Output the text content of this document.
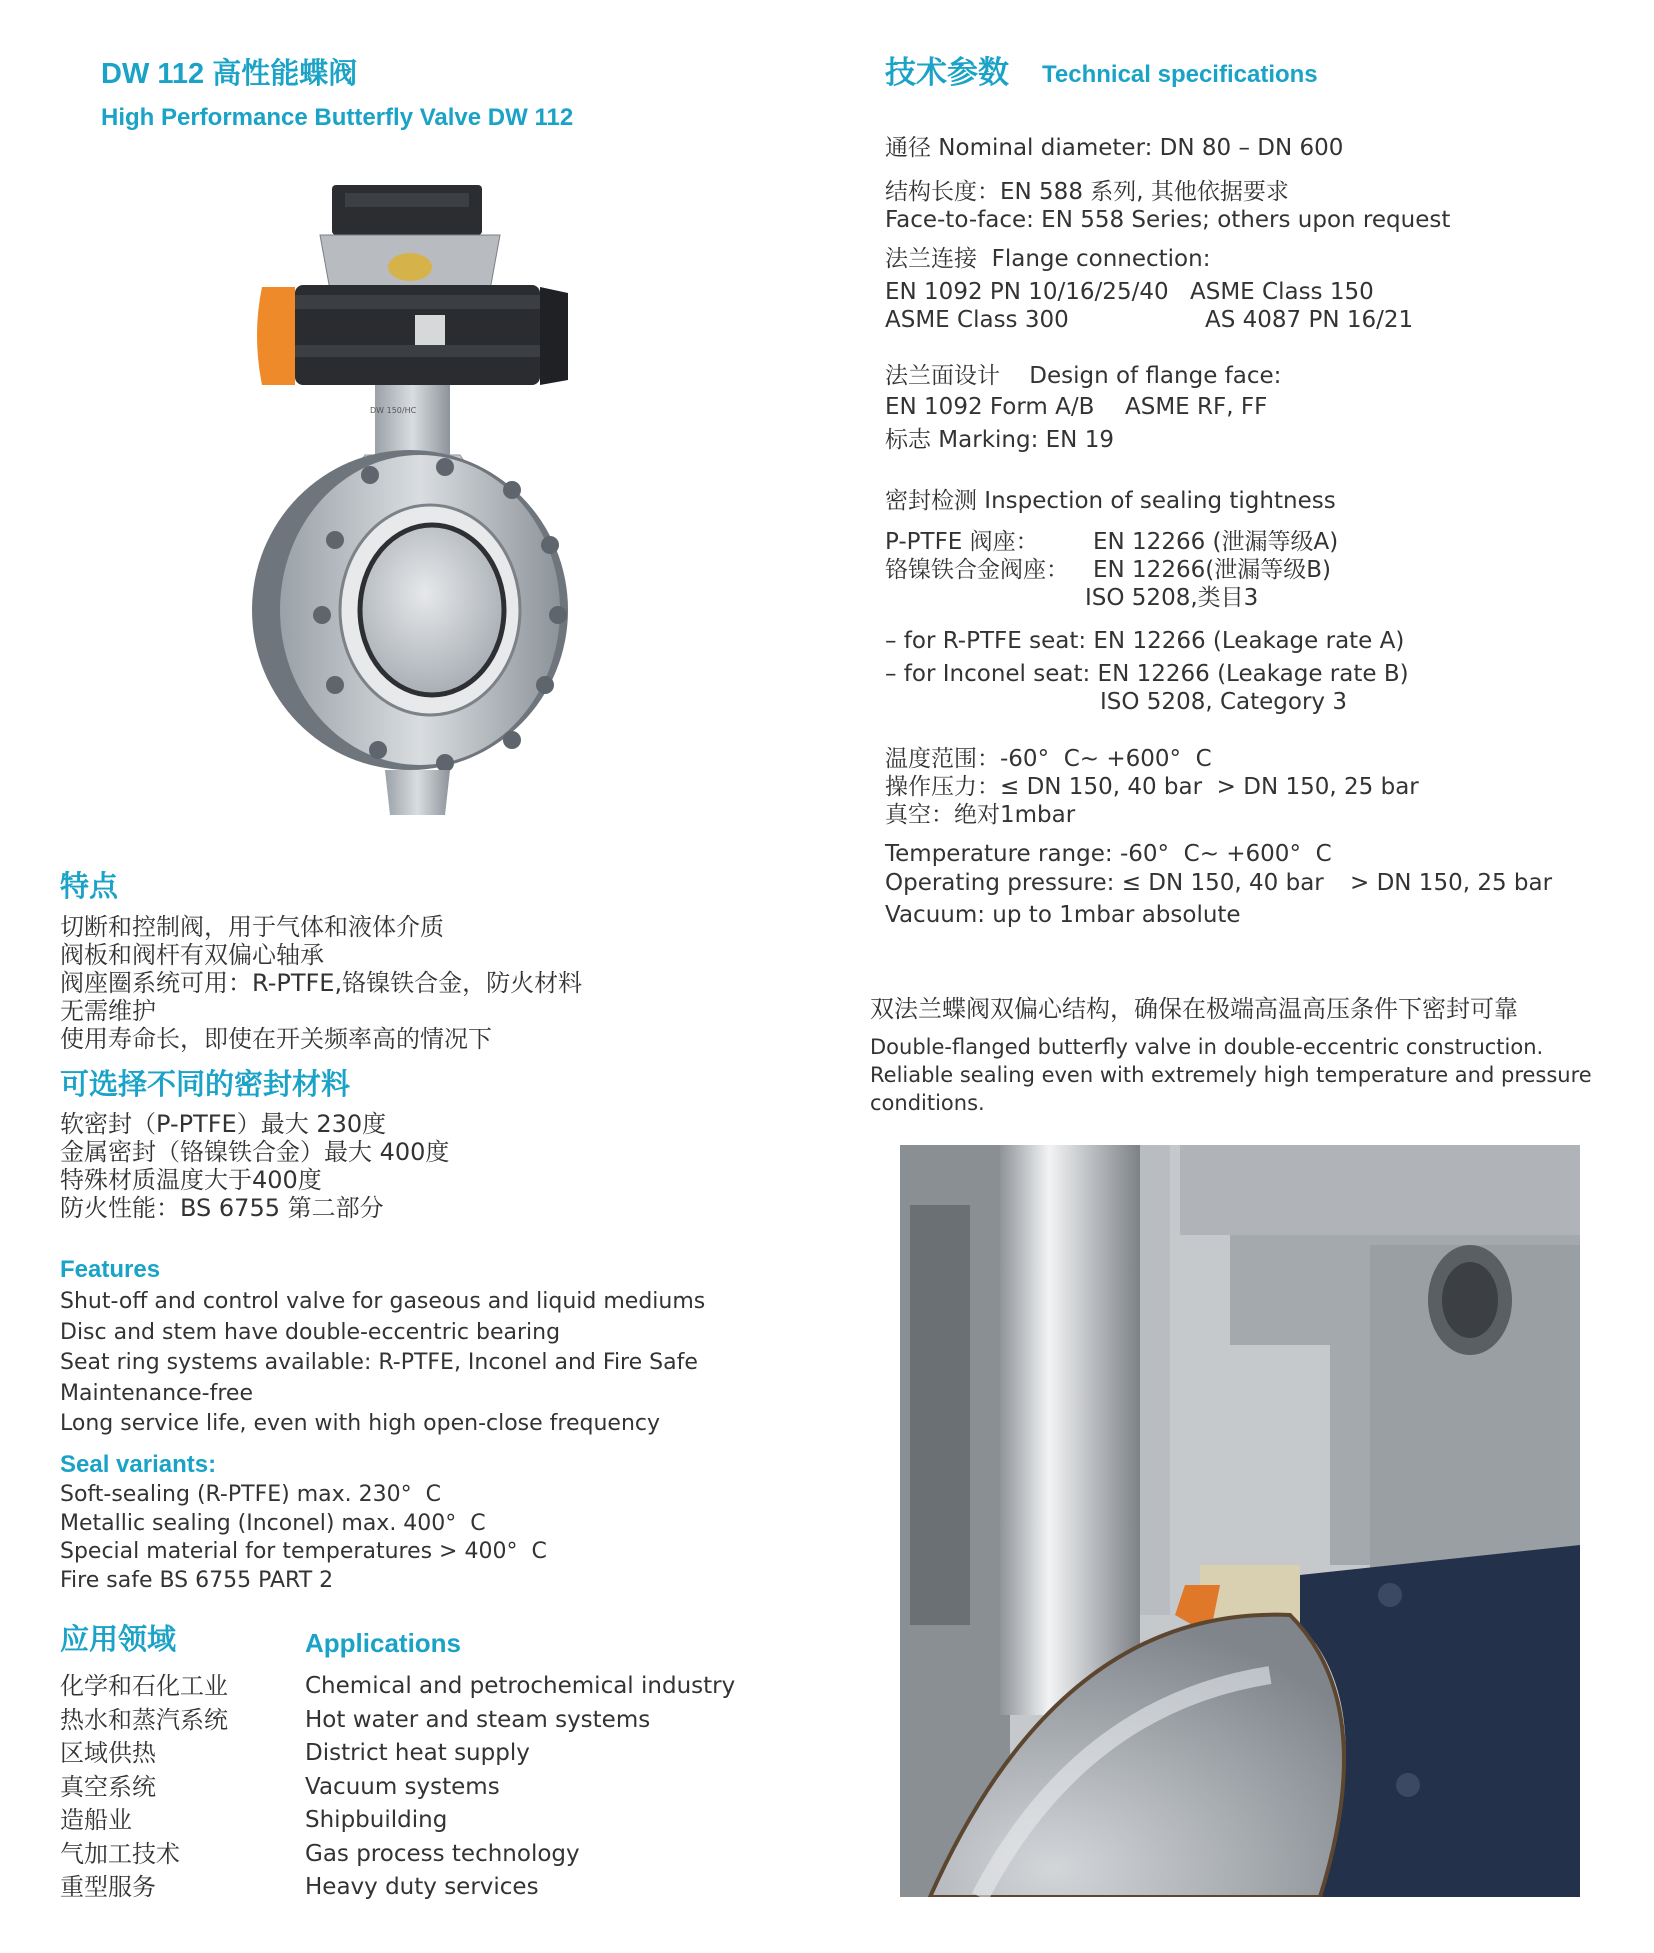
DW 112 高性能蝶阀
High Performance Butterfly Valve DW 112
DW 150/HC
特点
切断和控制阀，用于气体和液体介质
阀板和阀杆有双偏心轴承
阀座圈系统可用：R-PTFE,铬镍铁合金，防火材料
无需维护
使用寿命长，即使在开关频率高的情况下
可选择不同的密封材料
软密封（P-PTFE）最大 230度
金属密封（铬镍铁合金）最大 400度
特殊材质温度大于400度
防火性能：BS 6755 第二部分
Features
Shut-off and control valve for gaseous and liquid mediums
Disc and stem have double-eccentric bearing
Seat ring systems available: R-PTFE, Inconel and Fire Safe
Maintenance-free
Long service life, even with high open-close frequency
Seal variants:
Soft-sealing (R-PTFE) max. 230°  C
Metallic sealing (Inconel) max. 400°  C
Special material for temperatures > 400°  C
Fire safe BS 6755 PART 2
应用领域	Applications
化学和石化工业
热水和蒸汽系统
区域供热
真空系统
造船业
气加工技术
重型服务
Chemical and petrochemical industry
Hot water and steam systems
District heat supply
Vacuum systems
Shipbuilding
Gas process technology
Heavy duty services
技术参数 Technical specifications
通径 Nominal diameter: DN 80 – DN 600
结构长度：EN 588 系列, 其他依据要求
Face-to-face: EN 558 Series; others upon request
法兰连接  Flange connection:
EN 1092 PN 10/16/25/40 ASME Class 150
ASME Class 300	AS 4087 PN 16/21
法兰面设计    Design of flange face:
EN 1092 Form A/B ASME RF, FF
标志 Marking: EN 19
密封检测 Inspection of sealing tightness
P-PTFE 阀座： EN 12266 (泄漏等级A)
铬镍铁合金阀座： EN 12266(泄漏等级B)
ISO 5208,类目3
– for R-PTFE seat: EN 12266 (Leakage rate A)
– for Inconel seat: EN 12266 (Leakage rate B)
ISO 5208, Category 3
温度范围：-60°  C~ +600°  C
操作压力：≤ DN 150, 40 bar  > DN 150, 25 bar
真空：绝对1mbar
Temperature range: -60°  C~ +600°  C
Operating pressure: ≤ DN 150, 40 bar > DN 150, 25 bar
Vacuum: up to 1mbar absolute
双法兰蝶阀双偏心结构，确保在极端高温高压条件下密封可靠
Double-flanged butterfly valve in double-eccentric construction.
Reliable sealing even with extremely high temperature and pressure
conditions.
